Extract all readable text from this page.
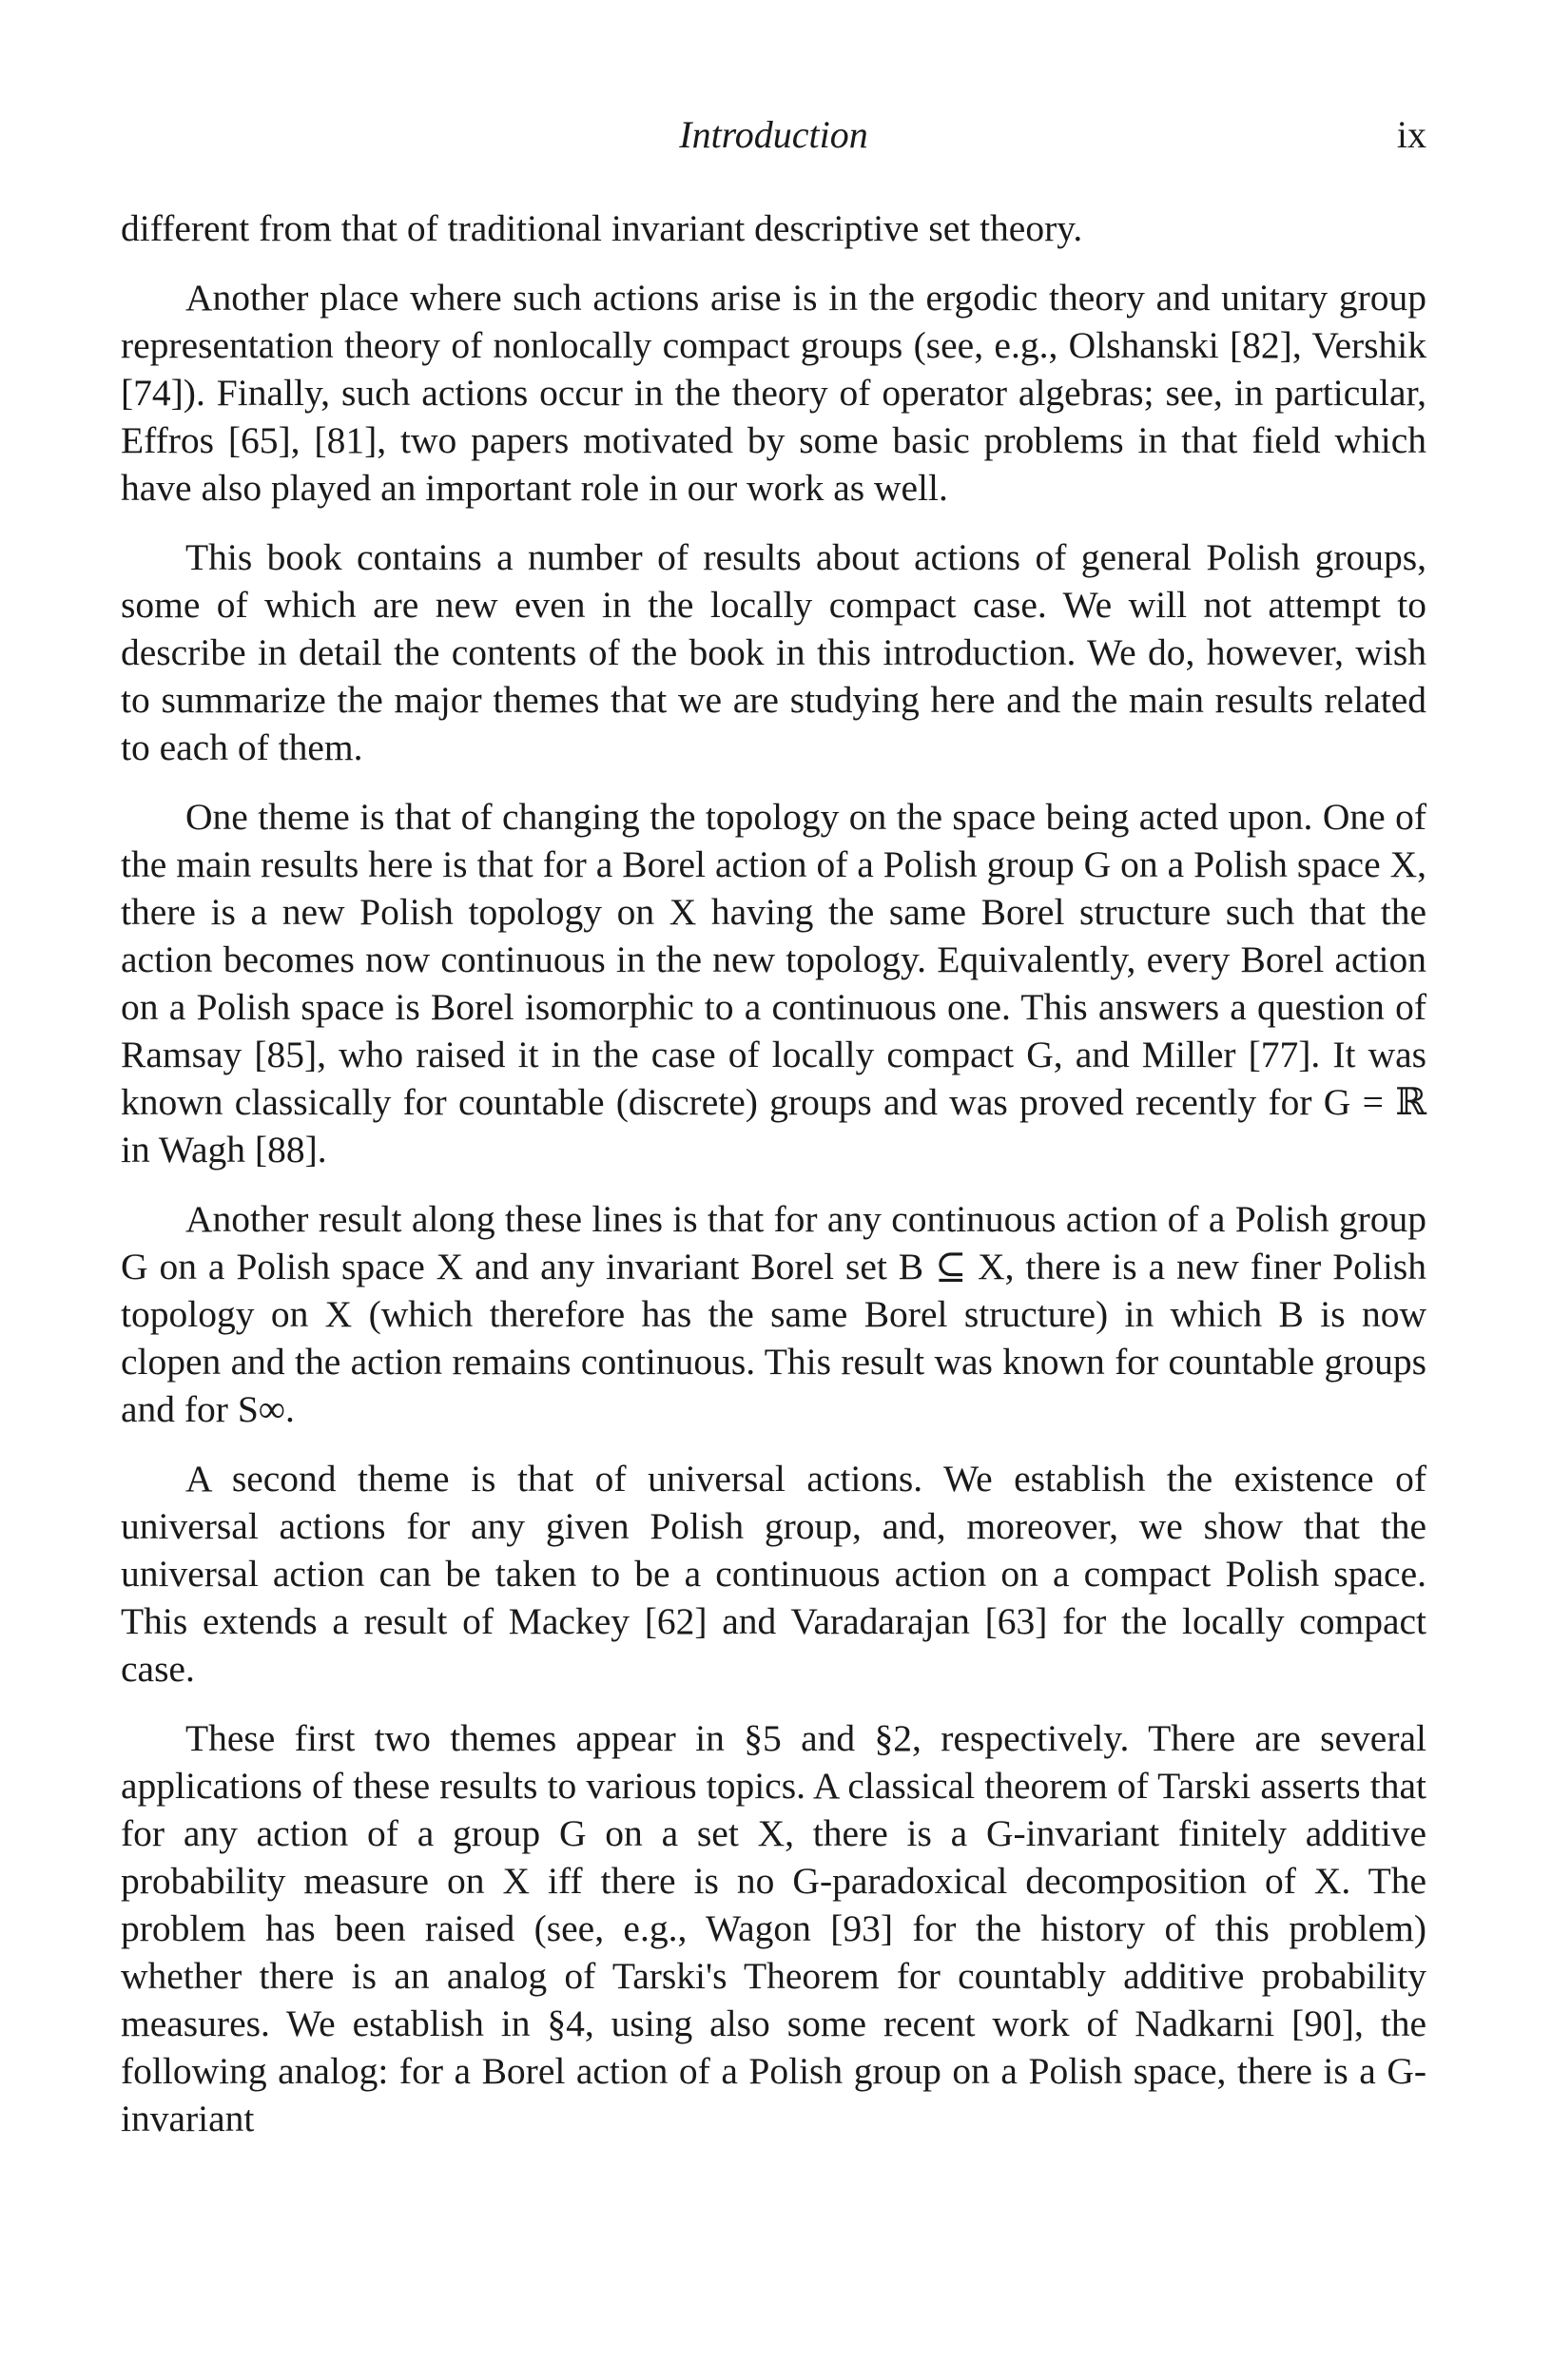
Introduction	ix

different from that of traditional invariant descriptive set theory.

Another place where such actions arise is in the ergodic theory and unitary group representation theory of nonlocally compact groups (see, e.g., Olshanski [82], Vershik [74]). Finally, such actions occur in the theory of operator algebras; see, in particular, Effros [65], [81], two papers motivated by some basic problems in that field which have also played an important role in our work as well.

This book contains a number of results about actions of general Polish groups, some of which are new even in the locally compact case. We will not attempt to describe in detail the contents of the book in this introduction. We do, however, wish to summarize the major themes that we are studying here and the main results related to each of them.

One theme is that of changing the topology on the space being acted upon. One of the main results here is that for a Borel action of a Polish group G on a Polish space X, there is a new Polish topology on X having the same Borel structure such that the action becomes now continuous in the new topology. Equivalently, every Borel action on a Polish space is Borel isomorphic to a continuous one. This answers a question of Ramsay [85], who raised it in the case of locally compact G, and Miller [77]. It was known classically for countable (discrete) groups and was proved recently for G = ℝ in Wagh [88].

Another result along these lines is that for any continuous action of a Polish group G on a Polish space X and any invariant Borel set B ⊆ X, there is a new finer Polish topology on X (which therefore has the same Borel structure) in which B is now clopen and the action remains continuous. This result was known for countable groups and for S∞.

A second theme is that of universal actions. We establish the existence of universal actions for any given Polish group, and, moreover, we show that the universal action can be taken to be a continuous action on a compact Polish space. This extends a result of Mackey [62] and Varadarajan [63] for the locally compact case.

These first two themes appear in §5 and §2, respectively. There are several applications of these results to various topics. A classical theorem of Tarski asserts that for any action of a group G on a set X, there is a G-invariant finitely additive probability measure on X iff there is no G-paradoxical decomposition of X. The problem has been raised (see, e.g., Wagon [93] for the history of this problem) whether there is an analog of Tarski's Theorem for countably additive probability measures. We establish in §4, using also some recent work of Nadkarni [90], the following analog: for a Borel action of a Polish group on a Polish space, there is a G-invariant
